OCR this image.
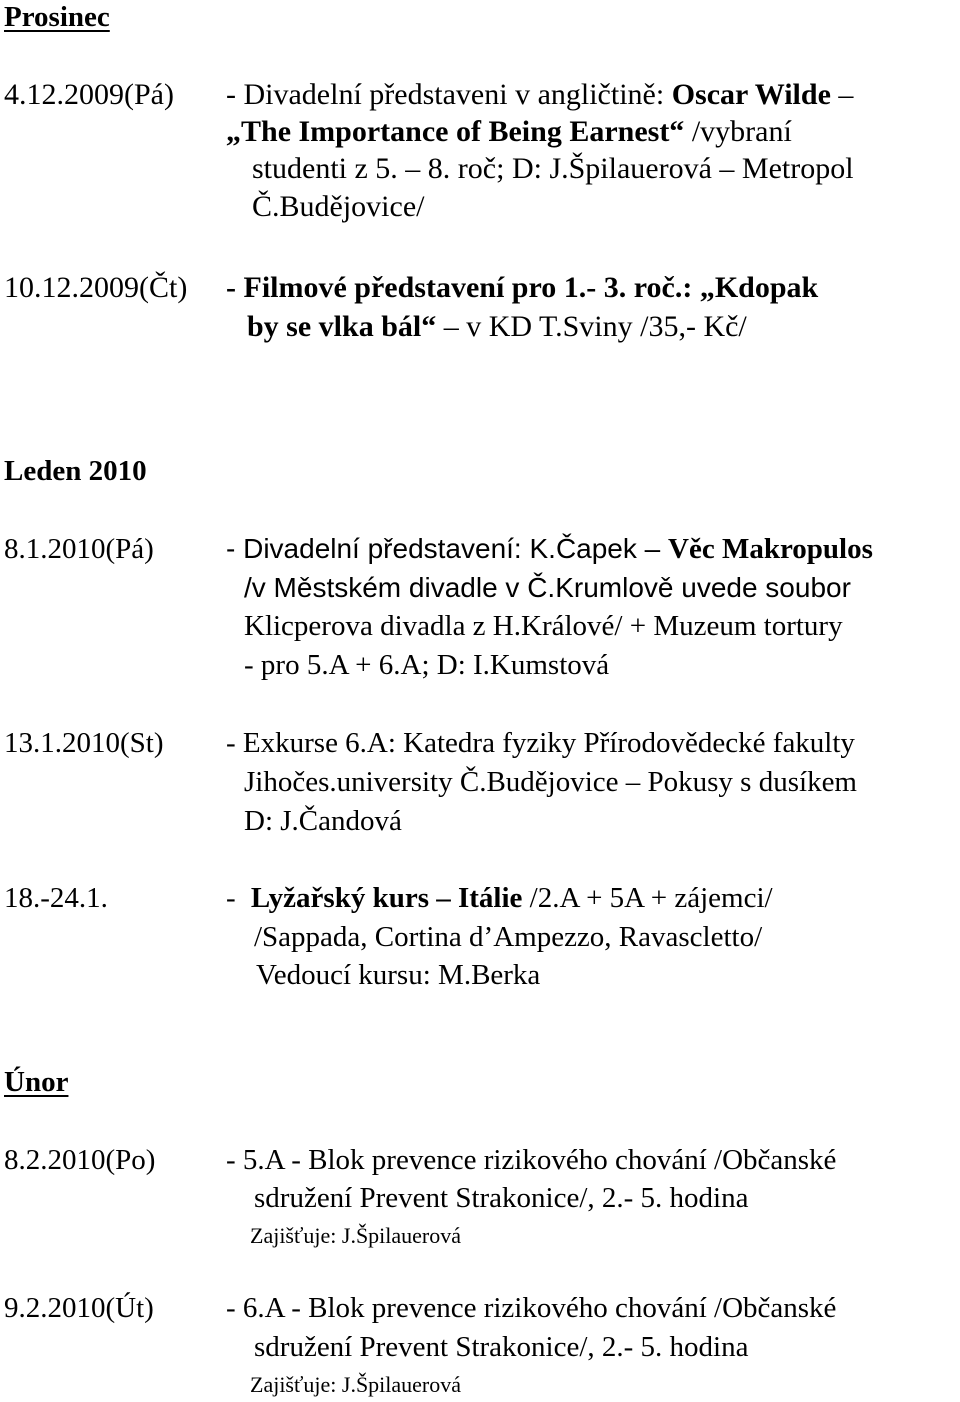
Prosinec
4.12.2009(Pá) - Divadelní představeni v angličtině: Oscar Wilde –
„The Importance of Being Earnest“ /vybraní
studenti z 5. – 8. roč; D: J.Špilauerová – Metropol
Č.Budějovice/
10.12.2009(Čt) - Filmové představení pro 1.- 3. roč.: „Kdopak
by se vlka bál“ – v KD T.Sviny /35,- Kč/
Leden 2010
8.1.2010(Pá)	- Divadelní představení: K.Čapek – Věc Makropulos
/v Městském divadle v Č.Krumlově uvede soubor
Klicperova divadla z H.Králové/ + Muzeum tortury
- pro 5.A + 6.A; D: I.Kumstová
13.1.2010(St) - Exkurse 6.A: Katedra fyziky Přírodovědecké fakulty
Jihočes.university Č.Budějovice – Pokusy s dusíkem
D: J.Čandová
18.-24.1.	- Lyžařský kurs – Itálie /2.A + 5A + zájemci/
/Sappada, Cortina d’Ampezzo, Ravascletto/
Vedoucí kursu: M.Berka
Únor
8.2.2010(Po) - 5.A - Blok prevence rizikového chování /Občanské
sdružení Prevent Strakonice/, 2.- 5. hodina
Zajišťuje: J.Špilauerová
9.2.2010(Út) - 6.A - Blok prevence rizikového chování /Občanské
sdružení Prevent Strakonice/, 2.- 5. hodina
Zajišťuje: J.Špilauerová
